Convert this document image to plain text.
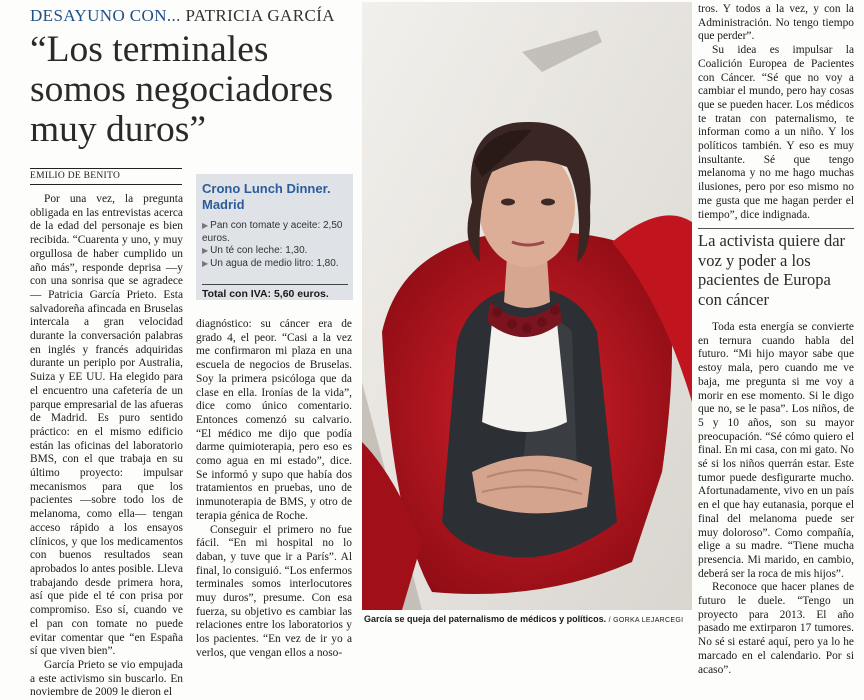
DESAYUNO CON... PATRICIA GARCÍA
“Los terminales somos negociadores muy duros”
EMILIO DE BENITO

Por una vez, la pregunta obligada en las entrevistas acerca de la edad del personaje es bien recibida. “Cuarenta y uno, y muy orgullosa de haber cumplido un año más”, responde deprisa —y con una sonrisa que se agradece— Patricia García Prieto. Esta salvadoreña afincada en Bruselas intercala a gran velocidad durante la conversación palabras en inglés y francés adquiridas durante un periplo por Australia, Suiza y EE UU. Ha elegido para el encuentro una cafetería de un parque empresarial de las afueras de Madrid. Es puro sentido práctico: en el mismo edificio están las oficinas del laboratorio BMS, con el que trabaja en su último proyecto: impulsar mecanismos para que los pacientes —sobre todo los de melanoma, como ella— tengan acceso rápido a los ensayos clínicos, y que los medicamentos con buenos resultados sean aprobados lo antes posible. Lleva trabajando desde primera hora, así que pide el té con prisa por compromiso. Eso sí, cuando ve el pan con tomate no puede evitar comentar que “en España sí que viven bien”.

García Prieto se vio empujada a este activismo sin buscarlo. En noviembre de 2009 le dieron el

Crono Lunch Dinner. Madrid
▶ Pan con tomate y aceite: 2,50 euros.
▶ Un té con leche: 1,30.
▶ Un agua de medio litro: 1,80.
Total con IVA: 5,60 euros.

diagnóstico: su cáncer era de grado 4, el peor. “Casi a la vez me confirmaron mi plaza en una escuela de negocios de Bruselas. Soy la primera psicóloga que da clase en ella. Ironías de la vida”, dice como único comentario. Entonces comenzó su calvario. “El médico me dijo que podía darme quimioterapia, pero eso es como agua en mi estado”, dice. Se informó y supo que había dos tratamientos en pruebas, uno de inmunoterapia de BMS, y otro de terapia génica de Roche.

Conseguir el primero no fue fácil. “En mi hospital no lo daban, y tuve que ir a París”. Al final, lo consiguió. “Los enfermos terminales somos interlocutores muy duros”, presume. Con esa fuerza, su objetivo es cambiar las relaciones entre los laboratorios y los pacientes. “En vez de ir yo a verlos, que vengan ellos a noso-

García se queja del paternalismo de médicos y políticos. / GORKA LEJARCEGI

tros. Y todos a la vez, y con la Administración. No tengo tiempo que perder”.

Su idea es impulsar la Coalición Europea de Pacientes con Cáncer. “Sé que no voy a cambiar el mundo, pero hay cosas que se pueden hacer. Los médicos te tratan con paternalismo, te informan como a un niño. Y los políticos también. Y eso es muy insultante. Sé que tengo melanoma y no me hago muchas ilusiones, pero por eso mismo no me gusta que me hagan perder el tiempo”, dice indignada.

La activista quiere dar voz y poder a los pacientes de Europa con cáncer

Toda esta energía se convierte en ternura cuando habla del futuro. “Mi hijo mayor sabe que estoy mala, pero cuando me ve baja, me pregunta si me voy a morir en ese momento. Si le digo que no, se le pasa”. Los niños, de 5 y 10 años, son su mayor preocupación. “Sé cómo quiero el final. En mi casa, con mi gato. No sé si los niños querrán estar. Este tumor puede desfigurarte mucho. Afortunadamente, vivo en un país en el que hay eutanasia, porque el final del melanoma puede ser muy doloroso”. Como compañía, elige a su madre. “Tiene mucha presencia. Mi marido, en cambio, deberá ser la roca de mis hijos”.

Reconoce que hacer planes de futuro le duele. “Tengo un proyecto para 2013. El año pasado me extirparon 17 tumores. No sé si estaré aquí, pero ya lo he marcado en el calendario. Por si acaso”.
